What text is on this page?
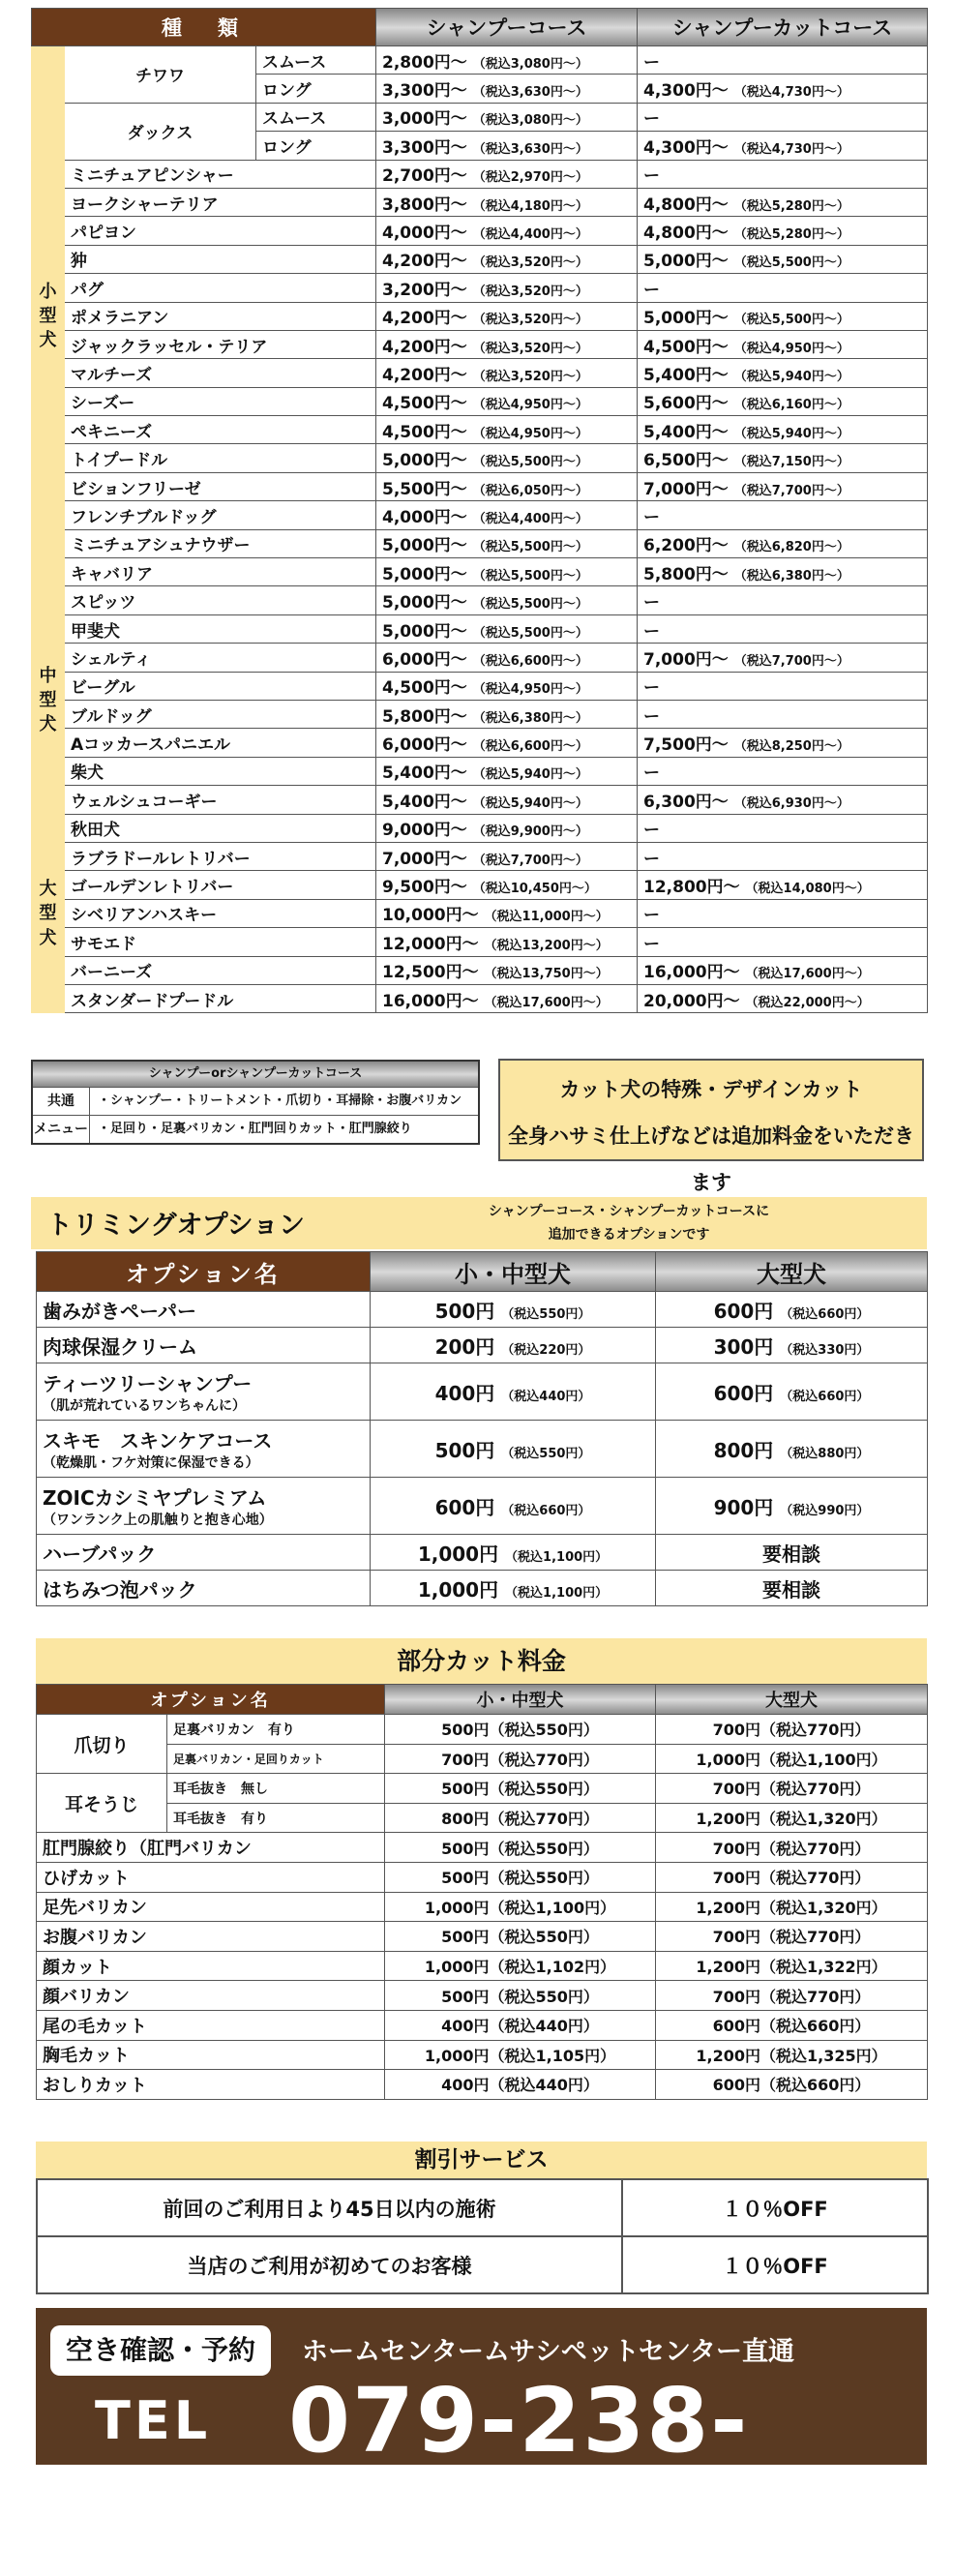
種　類			シャンプーコース	シャンプーカットコース
小
型
犬	チワワ	スムース	2,800円～ （税込3,080円～）	ー
		ロング	3,300円～ （税込3,630円～）	4,300円～ （税込4,730円～）
	ダックス	スムース	3,000円～ （税込3,080円～）	ー
		ロング	3,300円～ （税込3,630円～）	4,300円～ （税込4,730円～）
	ミニチュアピンシャー		2,700円～ （税込2,970円～）	ー
	ヨークシャーテリア		3,800円～ （税込4,180円～）	4,800円～ （税込5,280円～）
	パピヨン		4,000円～ （税込4,400円～）	4,800円～ （税込5,280円～）
	狆		4,200円～ （税込3,520円～）	5,000円～ （税込5,500円～）
	パグ		3,200円～ （税込3,520円～）	ー
	ポメラニアン		4,200円～ （税込3,520円～）	5,000円～ （税込5,500円～）
	ジャックラッセル・テリア		4,200円～ （税込3,520円～）	4,500円～ （税込4,950円～）
	マルチーズ		4,200円～ （税込3,520円～）	5,400円～ （税込5,940円～）
	シーズー		4,500円～ （税込4,950円～）	5,600円～ （税込6,160円～）
	ペキニーズ		4,500円～ （税込4,950円～）	5,400円～ （税込5,940円～）
	トイプードル		5,000円～ （税込5,500円～）	6,500円～ （税込7,150円～）
	ビションフリーゼ		5,500円～ （税込6,050円～）	7,000円～ （税込7,700円～）
	フレンチブルドッグ		4,000円～ （税込4,400円～）	ー
	ミニチュアシュナウザー		5,000円～ （税込5,500円～）	6,200円～ （税込6,820円～）
	キャバリア		5,000円～ （税込5,500円～）	5,800円～ （税込6,380円～）
中
型
犬	スピッツ		5,000円～ （税込5,500円～）	ー
	甲斐犬		5,000円～ （税込5,500円～）	ー
	シェルティ		6,000円～ （税込6,600円～）	7,000円～ （税込7,700円～）
	ビーグル		4,500円～ （税込4,950円～）	ー
	ブルドッグ		5,800円～ （税込6,380円～）	ー
	Aコッカースパニエル		6,000円～ （税込6,600円～）	7,500円～ （税込8,250円～）
	柴犬		5,400円～ （税込5,940円～）	ー
	ウェルシュコーギー		5,400円～ （税込5,940円～）	6,300円～ （税込6,930円～）
大
型
犬	秋田犬		9,000円～ （税込9,900円～）	ー
	ラブラドールレトリバー		7,000円～ （税込7,700円～）	ー
	ゴールデンレトリバー		9,500円～ （税込10,450円～）	12,800円～ （税込14,080円～）
	シベリアンハスキー		10,000円～ （税込11,000円～）	ー
	サモエド		12,000円～ （税込13,200円～）	ー
	バーニーズ		12,500円～ （税込13,750円～）	16,000円～ （税込17,600円～）
	スタンダードプードル		16,000円～ （税込17,600円～）	20,000円～ （税込22,000円～）
シャンプーorシャンプーカットコース
共通	・シャンプー・トリートメント・爪切り・耳掃除・お腹バリカン
メニュー ・足回り・足裏バリカン・肛門回りカット・肛門腺絞り
カット犬の特殊・デザインカット
全身ハサミ仕上げなどは追加料金をいただきます
トリミングオプション	シャンプーコース・シャンプーカットコースに
追加できるオプションです
オプション名	小・中型犬	大型犬

歯みがきペーパー	500円 （税込550円）	600円 （税込660円）

肉球保湿クリーム	200円 （税込220円）	300円 （税込330円）

ティーツリーシャンプー
（肌が荒れているワンちゃんに）	400円 （税込440円）	600円 （税込660円）

スキモ　スキンケアコース
（乾燥肌・フケ対策に保湿できる）	500円 （税込550円）	800円 （税込880円）

ZOICカシミヤプレミアム
（ワンランク上の肌触りと抱き心地）	600円 （税込660円）	900円 （税込990円）

ハーブパック	1,000円 （税込1,100円）	要相談

はちみつ泡パック	1,000円 （税込1,100円）	要相談
部分カット料金
オプション名		小・中型犬	大型犬
爪切り	足裏バリカン　有り	500円（税込550円）	700円（税込770円）
	足裏バリカン・足回りカット	700円（税込770円）	1,000円（税込1,100円）
耳そうじ	耳毛抜き　無し	500円（税込550円）	700円（税込770円）
	耳毛抜き　有り	800円（税込770円）	1,200円（税込1,320円）
肛門腺絞り（肛門バリカン		500円（税込550円）	700円（税込770円）
ひげカット		500円（税込550円）	700円（税込770円）
足先バリカン		1,000円（税込1,100円）	1,200円（税込1,320円）
お腹バリカン		500円（税込550円）	700円（税込770円）
顔カット		1,000円（税込1,102円）	1,200円（税込1,322円）
顔バリカン		500円（税込550円）	700円（税込770円）
尾の毛カット		400円（税込440円）	600円（税込660円）
胸毛カット		1,000円（税込1,105円）	1,200円（税込1,325円）
おしりカット		400円（税込440円）	600円（税込660円）
割引サービス
前回のご利用日より45日以内の施術	１０％OFF
当店のご利用が初めてのお客様	１０％OFF
空き確認・予約
TEL
ホームセンタームサシペットセンター直通
079-238-6347
